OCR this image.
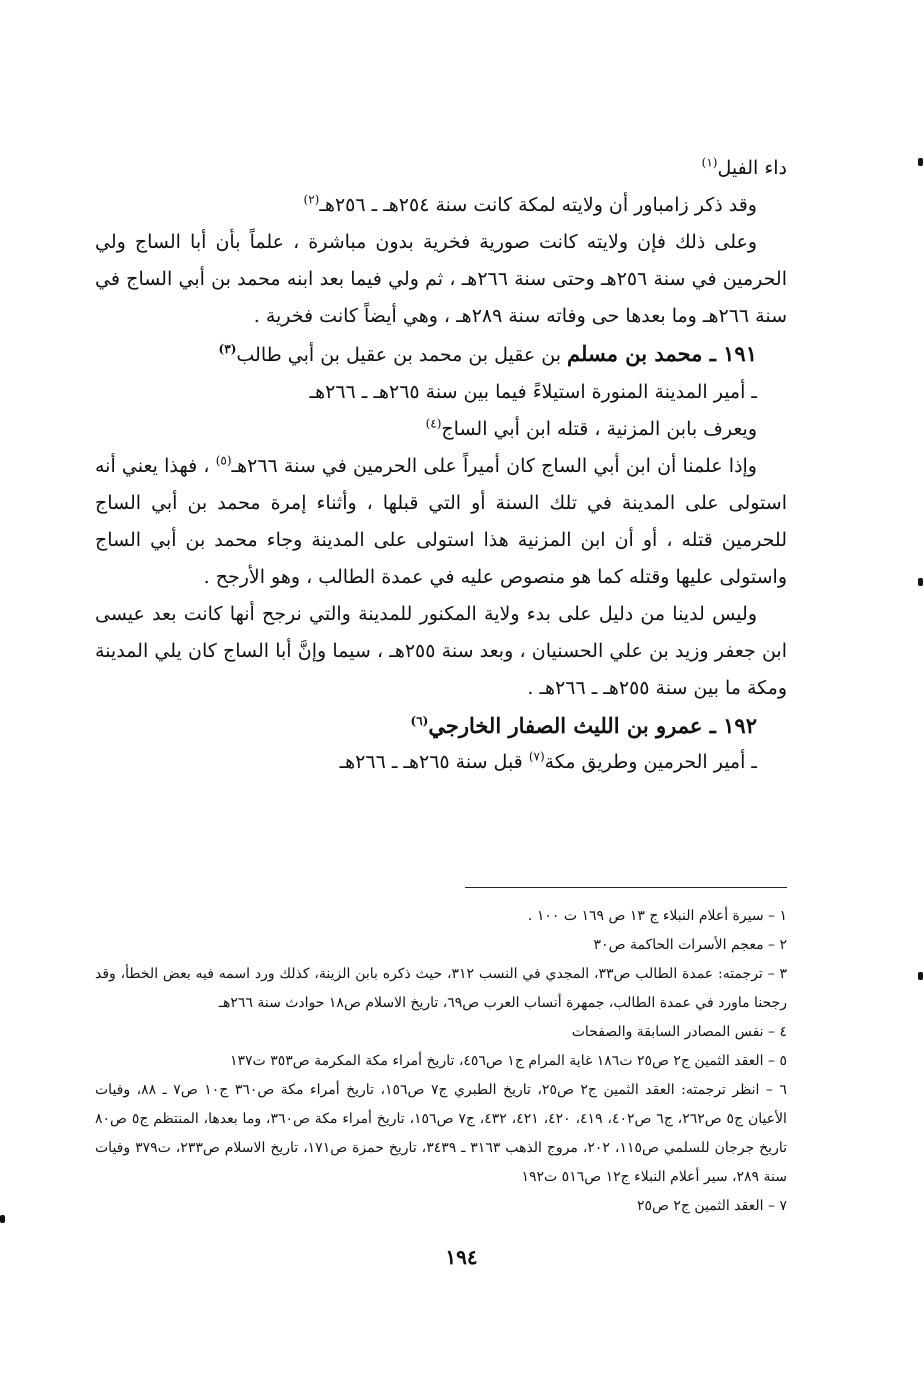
داء الفيل$^{(١)}$

وقد ذكر زامباور أن ولايته لمكة كانت سنة ٢٥٤هـ ـ ٢٥٦هـ$^{(٢)}$

وعلى ذلك فإن ولايته كانت صورية فخرية بدون مباشرة ، علماً بأن أبا الساج ولي الحرمين في سنة ٢٥٦هـ وحتى سنة ٢٦٦هـ ، ثم ولي فيما بعد ابنه محمد بن أبي الساج في سنة ٢٦٦هـ وما بعدها حى وفاته سنة ٢٨٩هـ ، وهي أيضاً كانت فخرية .

١٩١ ـ محمد بن مسلم بن عقيل بن محمد بن عقيل بن أبي طالب$^{(٣)}$

ـ أمير المدينة المنورة استيلاءً فيما بين سنة ٢٦٥هـ ـ ٢٦٦هـ

ويعرف بابن المزنية ، قتله ابن أبي الساج$^{(٤)}$

وإذا علمنا أن ابن أبي الساج كان أميراً على الحرمين في سنة ٢٦٦هـ$^{(٥)}$ ، فهذا يعني أنه استولى على المدينة في تلك السنة أو التي قبلها ، وأثناء إمرة محمد بن أبي الساج للحرمين قتله ، أو أن ابن المزنية هذا استولى على المدينة وجاء محمد بن أبي الساج واستولى عليها وقتله كما هو منصوص عليه في عمدة الطالب ، وهو الأرجح .

وليس لدينا من دليل على بدء ولاية المكنور للمدينة والتي نرجح أنها كانت بعد عيسى ابن جعفر وزيد بن علي الحسنيان ، وبعد سنة ٢٥٥هـ ، سيما وإنَّ أبا الساج كان يلي المدينة ومكة ما بين سنة ٢٥٥هـ ـ ٢٦٦هـ .

١٩٢ ـ عمرو بن الليث الصفار الخارجي$^{(٦)}$

ـ أمير الحرمين وطريق مكة$^{(٧)}$ قبل سنة ٢٦٥هـ ـ ٢٦٦هـ

١ – سيرة أعلام النبلاء ج ١٣ ص ١٦٩ ت ١٠٠ .

٢ – معجم الأسرات الحاكمة ص٣٠

٣ – ترجمته: عمدة الطالب ص٣٣، المجدي في النسب ٣١٢، حيث ذكره بابن الزينة، كذلك ورد اسمه فيه بعض الخطأ، وقد رجحنا ماورد في عمدة الطالب، جمهرة أنساب العرب ص٦٩، تاريخ الاسلام ص١٨ حوادث سنة ٢٦٦هـ

٤ – نفس المصادر السابقة والصفحات

٥ – العقد الثمين ج٢ ص٢٥ ت١٨٦ غاية المرام ج١ ص٤٥٦، تاريخ أمراء مكة المكرمة ص٣٥٣ ت١٣٧

٦ – انظر ترجمته: العقد الثمين ج٢ ص٢٥، تاريخ الطبري ج٧ ص١٥٦، تاريخ أمراء مكة ص٣٦٠ ج١٠ ص٧ ـ ٨٨، وفيات الأعيان ج٥ ص٢٦٢، ج٦ ص٤٠٢، ٤١٩، ٤٢٠، ٤٢١، ٤٣٢، ج٧ ص١٥٦، تاريخ أمراء مكة ص٣٦٠، وما بعدها، المنتظم ج٥ ص٨٠ تاريخ جرجان للسلمي ص١١٥، ٢٠٢، مروج الذهب ٣١٦٣ ـ ٣٤٣٩، تاريخ حمزة ص١٧١، تاريخ الاسلام ص٢٣٣، ت٣٧٩ وفيات سنة ٢٨٩، سير أعلام النبلاء ج١٢ ص٥١٦ ت١٩٢

٧ – العقد الثمين ج٢ ص٢٥

١٩٤
